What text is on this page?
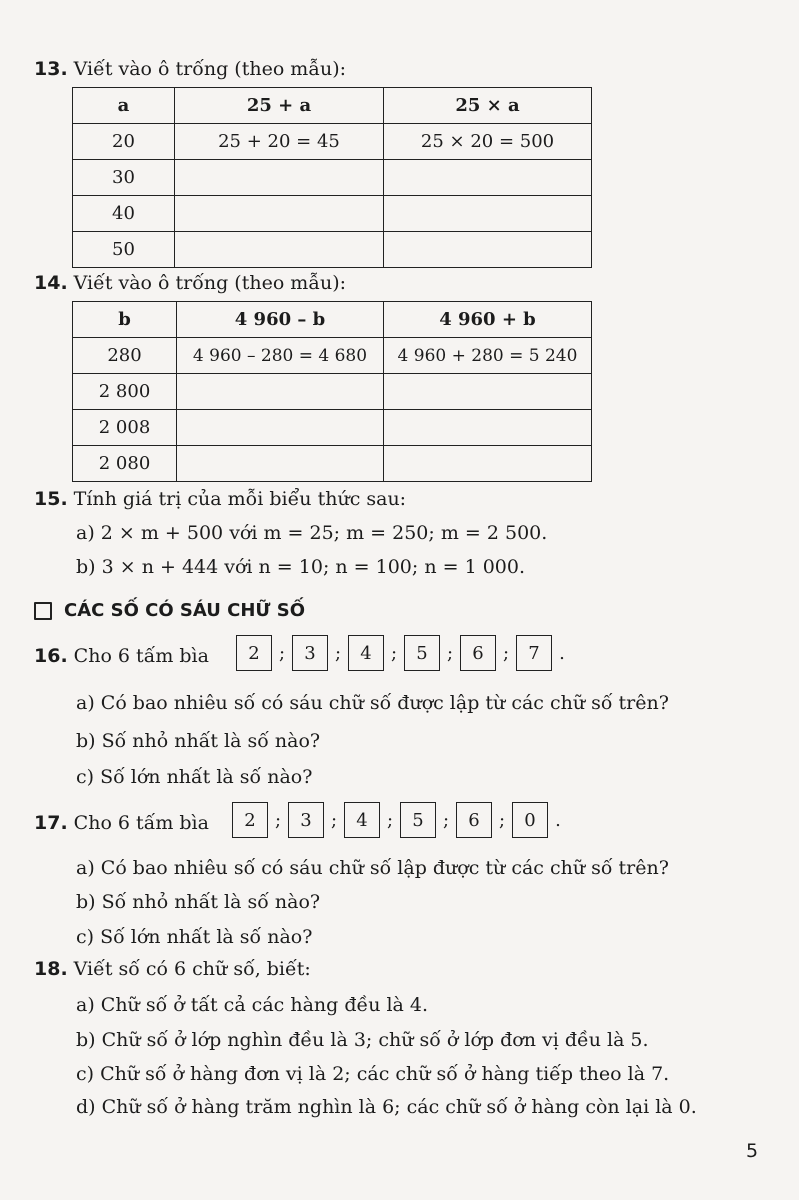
13. Viết vào ô trống (theo mẫu):
a	25 + a	25 × a
20	25 + 20 = 45	25 × 20 = 500
30		
40		
50		
14. Viết vào ô trống (theo mẫu):
b	4 960 – b	4 960 + b
280	4 960 – 280 = 4 680	4 960 + 280 = 5 240
2 800		
2 008		
2 080		
15. Tính giá trị của mỗi biểu thức sau:
a) 2 × m + 500 với m = 25; m = 250; m = 2 500.
b) 3 × n + 444 với n = 10; n = 100; n = 1 000.
CÁC SỐ CÓ SÁU CHỮ SỐ
16. Cho 6 tấm bìa	2	;	3	;	4	;	5	;	6	;	7	.
a) Có bao nhiêu số có sáu chữ số được lập từ các chữ số trên?
b) Số nhỏ nhất là số nào?
c) Số lớn nhất là số nào?
17. Cho 6 tấm bìa	2	;	3	;	4	;	5	;	6	;	0	.
a) Có bao nhiêu số có sáu chữ số lập được từ các chữ số trên?
b) Số nhỏ nhất là số nào?
c) Số lớn nhất là số nào?
18. Viết số có 6 chữ số, biết:
a) Chữ số ở tất cả các hàng đều là 4.
b) Chữ số ở lớp nghìn đều là 3; chữ số ở lớp đơn vị đều là 5.
c) Chữ số ở hàng đơn vị là 2; các chữ số ở hàng tiếp theo là 7.
d) Chữ số ở hàng trăm nghìn là 6; các chữ số ở hàng còn lại là 0.
5
